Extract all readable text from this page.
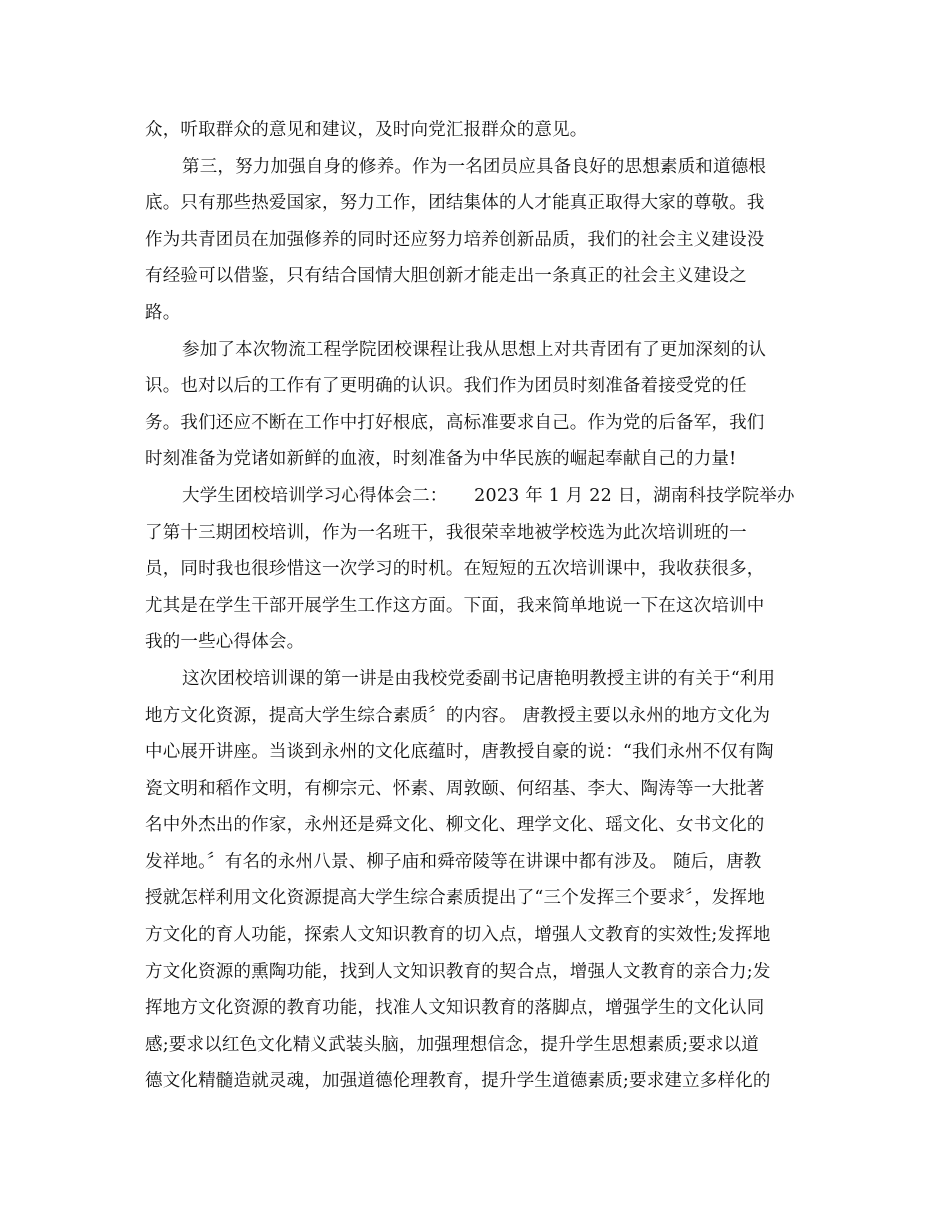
众，听取群众的意见和建议，及时向党汇报群众的意见。
第三，努力加强自身的修养。作为一名团员应具备良好的思想素质和道德根
底。只有那些热爱国家，努力工作，团结集体的人才能真正取得大家的尊敬。我
作为共青团员在加强修养的同时还应努力培养创新品质，我们的社会主义建设没
有经验可以借鉴，只有结合国情大胆创新才能走出一条真正的社会主义建设之
路。
参加了本次物流工程学院团校课程让我从思想上对共青团有了更加深刻的认
识。也对以后的工作有了更明确的认识。我们作为团员时刻准备着接受党的任
务。我们还应不断在工作中打好根底，高标准要求自己。作为党的后备军，我们
时刻准备为党诸如新鲜的血液，时刻准备为中华民族的崛起奉献自己的力量!
大学生团校培训学习心得体会二：　　2023 年 1 月 22 日，湖南科技学院举办
了第十三期团校培训，作为一名班干，我很荣幸地被学校选为此次培训班的一
员，同时我也很珍惜这一次学习的时机。在短短的五次培训课中，我收获很多，
尤其是在学生干部开展学生工作这方面。下面，我来简单地说一下在这次培训中
我的一些心得体会。
这次团校培训课的第一讲是由我校党委副书记唐艳明教授主讲的有关于“利用
地方文化资源，提高大学生综合素质〞的内容。 唐教授主要以永州的地方文化为
中心展开讲座。当谈到永州的文化底蕴时，唐教授自豪的说：“我们永州不仅有陶
瓷文明和稻作文明，有柳宗元、怀素、周敦颐、何绍基、李大、陶涛等一大批著
名中外杰出的作家，永州还是舜文化、柳文化、理学文化、瑶文化、女书文化的
发祥地。〞有名的永州八景、柳子庙和舜帝陵等在讲课中都有涉及。 随后，唐教
授就怎样利用文化资源提高大学生综合素质提出了“三个发挥三个要求〞，发挥地
方文化的育人功能，探索人文知识教育的切入点，增强人文教育的实效性;发挥地
方文化资源的熏陶功能，找到人文知识教育的契合点，增强人文教育的亲合力;发
挥地方文化资源的教育功能，找准人文知识教育的落脚点，增强学生的文化认同
感;要求以红色文化精义武装头脑，加强理想信念，提升学生思想素质;要求以道
德文化精髓造就灵魂，加强道德伦理教育，提升学生道德素质;要求建立多样化的
